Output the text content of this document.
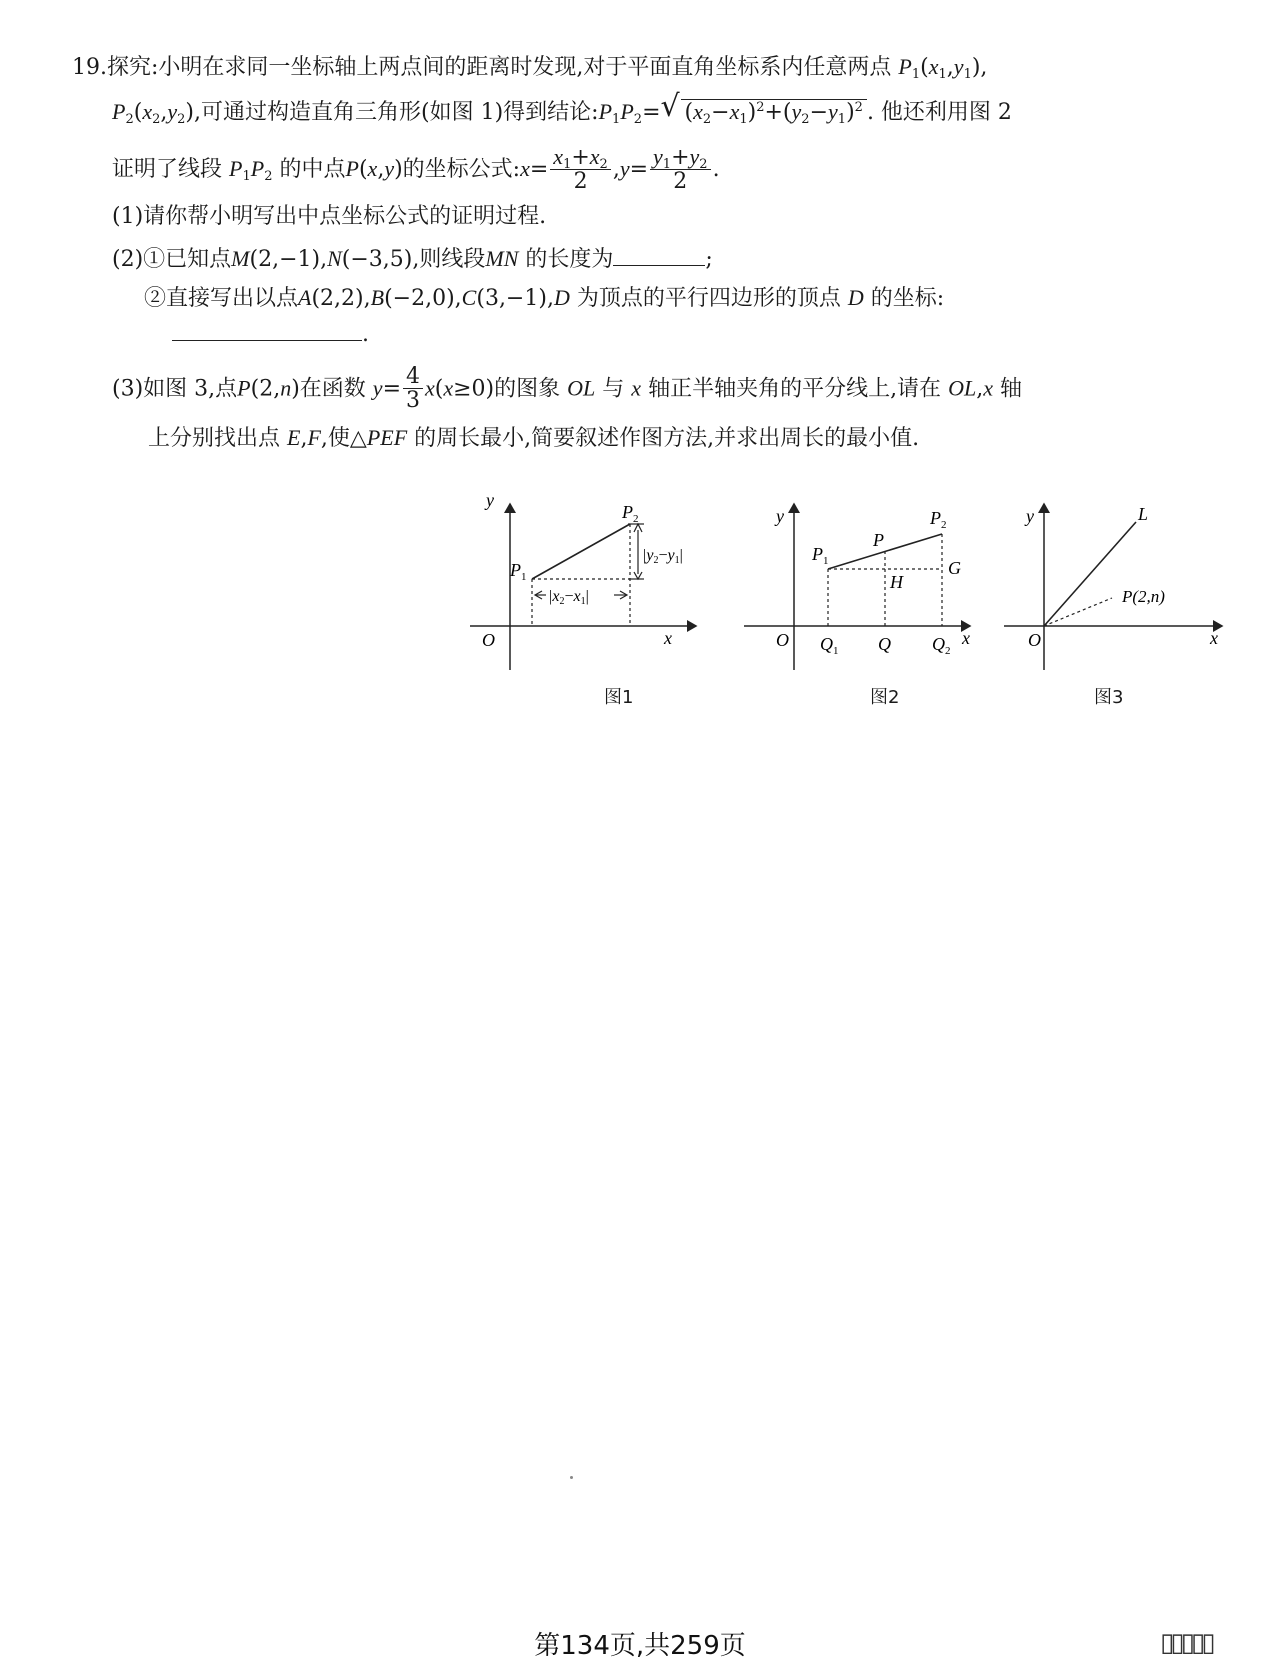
19.探究:小明在求同一坐标轴上两点间的距离时发现,对于平面直角坐标系内任意两点 $P_1(x_1,y_1)$,
$P_2(x_2,y_2)$,可通过构造直角三角形(如图 1)得到结论$:P_1P_2=$ √ $(x_2-x_1)^2+(y_2-y_1)^2$ . 他还利用图 2
证明了线段 $P_1P_2$ 的中点P(x,y)的坐标公式:x= $\frac{x_1+x_2}{2} ,y= \frac{y_1+y_2}{2}$ .
(1)请你帮小明写出中点坐标公式的证明过程.
(2)①已知点M(2,−1),N(−3,5),则线段MN 的长度为	;
②直接写出以点A(2,2),B(−2,0),C(3,−1),D 为顶点的平行四边形的顶点 D 的坐标:
.
(3)如图 3,点P(2,n)在函数 $y= \frac{4}{3} x(x\ge 0)$的图象 OL 与 x 轴正半轴夹角的平分线上,请在 OL,x 轴
上分别找出点 E,F,使△PEF 的周长最小,简要叙述作图方法,并求出周长的最小值.
y
x
O
$P_1$
$P_2$
|y2−y1|
|x2−x1|
图1
y
x
O
$P_1$
$P_2$
P
H
G
$Q_1$ Q $Q_2$
图2
y
x
O
L
P(2,n)
图3
第134页,共259页	▯▯▯▯▯
